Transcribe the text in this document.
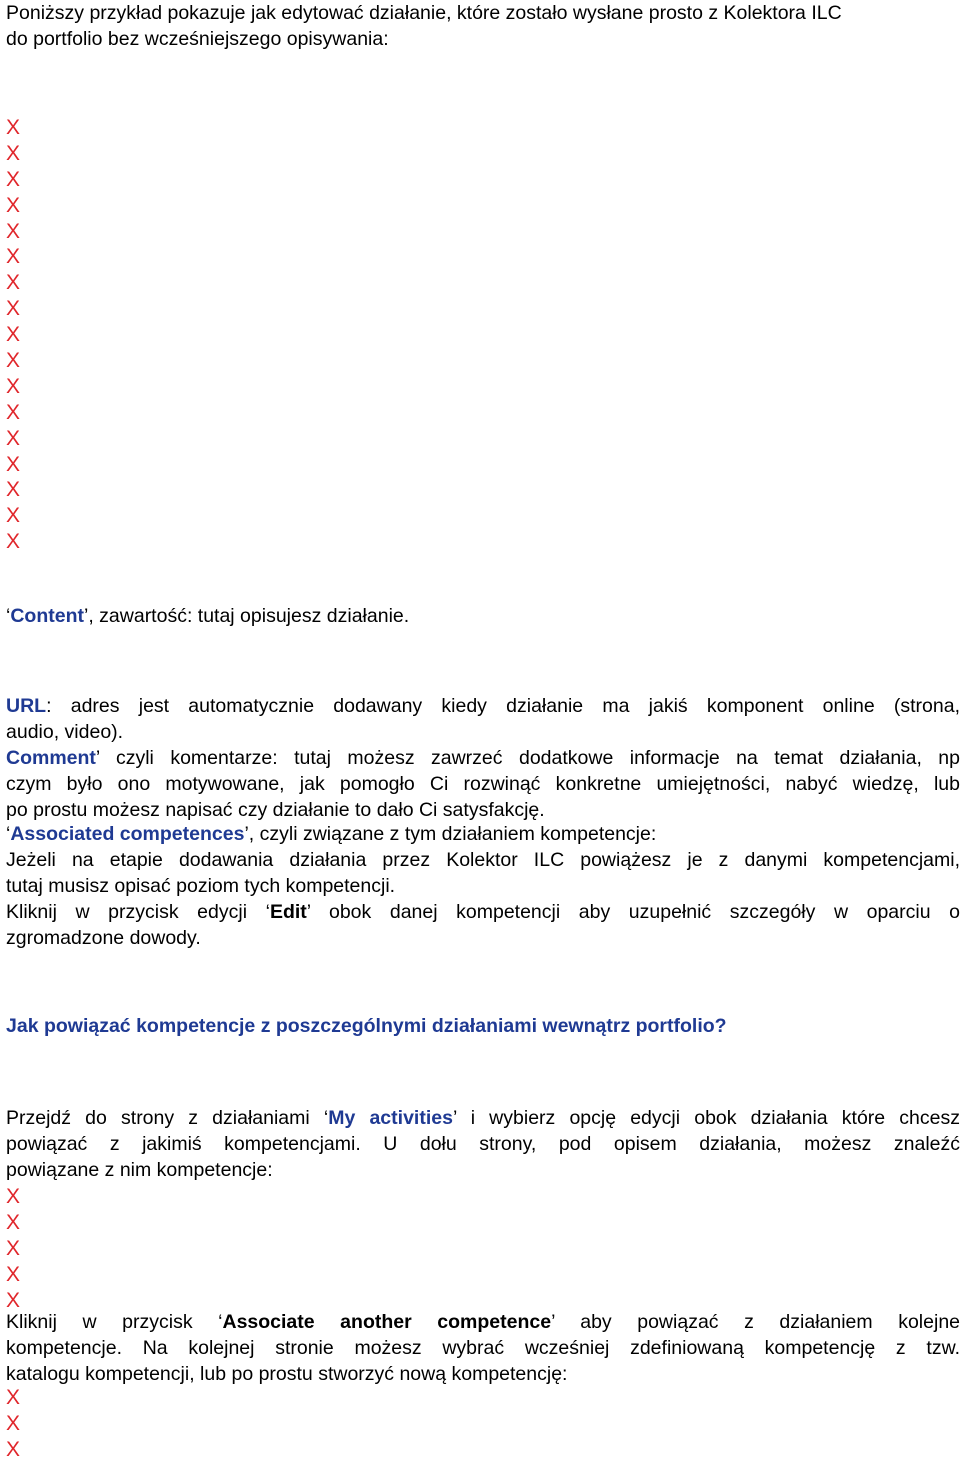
Poniższy przykład pokazuje jak edytować działanie, które zostało wysłane prosto z Kolektora ILC
do portfolio bez wcześniejszego opisywania:
X
X
X
X
X
X
X
X
X
X
X
X
X
X
X
X
X
‘Content’, zawartość: tutaj opisujesz działanie.
URL: adres jest automatycznie dodawany kiedy działanie ma jakiś komponent online (strona,
audio, video).
Comment’ czyli komentarze: tutaj możesz zawrzeć dodatkowe informacje na temat działania, np
czym było ono motywowane, jak pomogło Ci rozwinąć konkretne umiejętności, nabyć wiedzę, lub
po prostu możesz napisać czy działanie to dało Ci satysfakcję.
‘Associated competences’, czyli związane z tym działaniem kompetencje:
Jeżeli na etapie dodawania działania przez Kolektor ILC powiążesz je z danymi kompetencjami,
tutaj musisz opisać poziom tych kompetencji.
Kliknij w przycisk edycji ‘Edit’ obok danej kompetencji aby uzupełnić szczegóły w oparciu o
zgromadzone dowody.
Jak powiązać kompetencje z poszczególnymi działaniami wewnątrz portfolio?
Przejdź do strony z działaniami ‘My activities’ i wybierz opcję edycji obok działania które chcesz
powiązać z jakimiś kompetencjami. U dołu strony, pod opisem działania, możesz znaleźć
powiązane z nim kompetencje:
X
X
X
X
X
Kliknij w przycisk ‘Associate another competence’ aby powiązać z działaniem kolejne
kompetencje. Na kolejnej stronie możesz wybrać wcześniej zdefiniowaną kompetencję z tzw.
katalogu kompetencji, lub po prostu stworzyć nową kompetencję:
X
X
X
